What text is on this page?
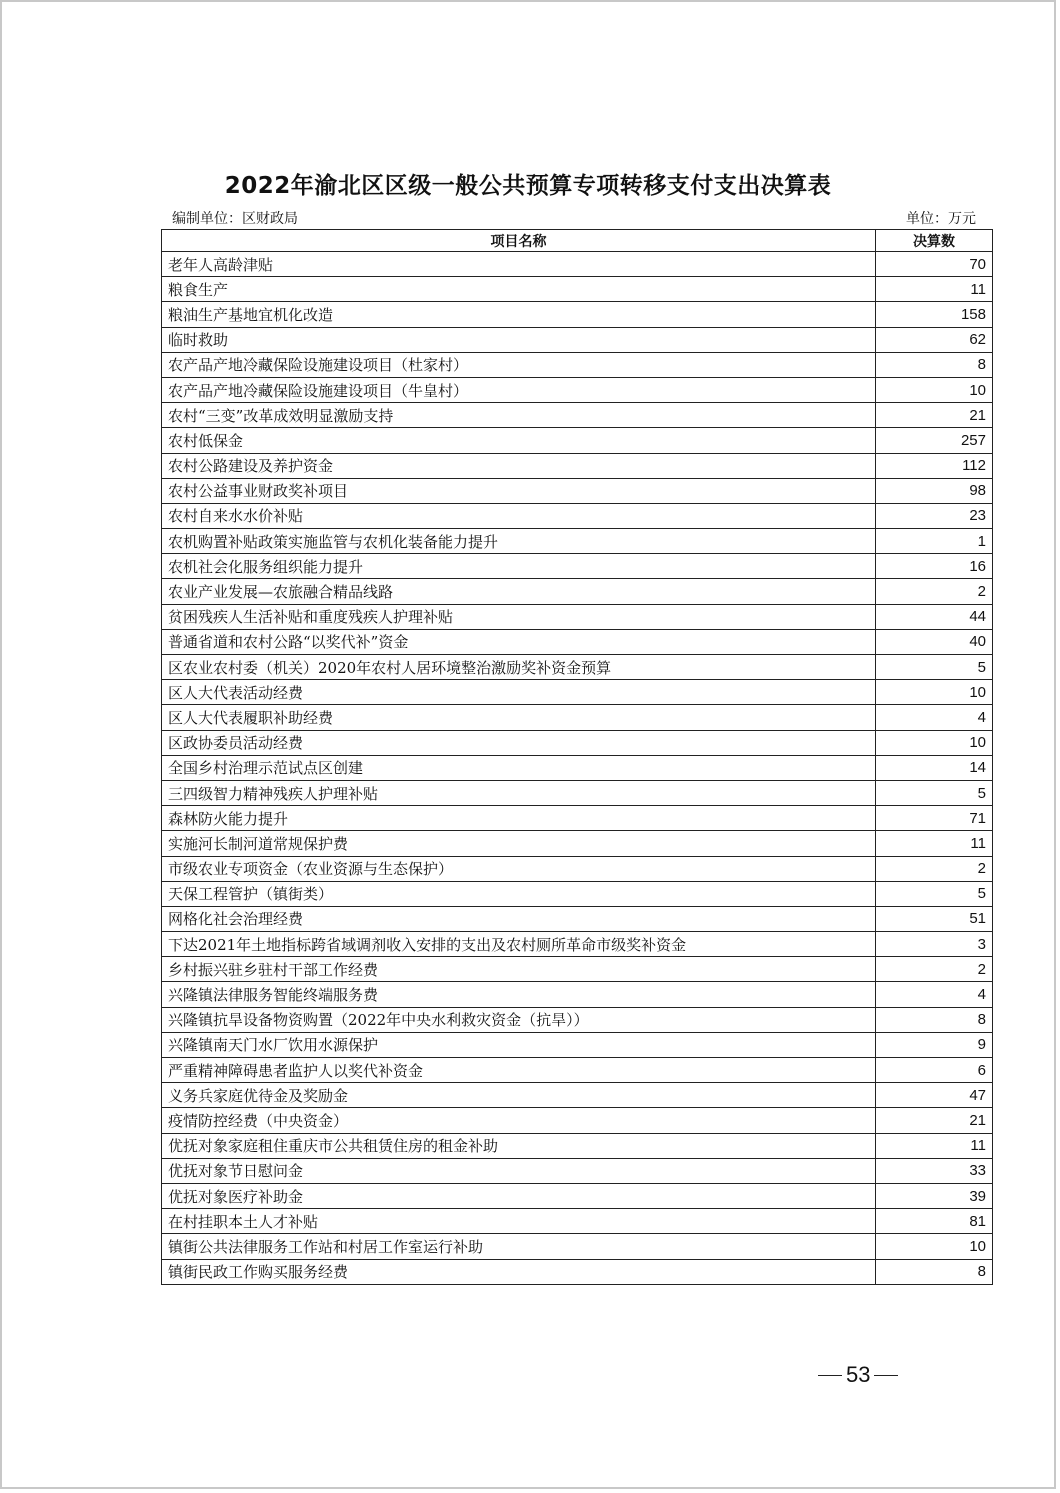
2022年渝北区区级一般公共预算专项转移支付支出决算表
编制单位：区财政局	单位：万元
项目名称	决算数
老年人高龄津贴	70
粮食生产	11
粮油生产基地宜机化改造	158
临时救助	62
农产品产地冷藏保险设施建设项目（杜家村）	8
农产品产地冷藏保险设施建设项目（牛皇村）	10
农村“三变”改革成效明显激励支持	21
农村低保金	257
农村公路建设及养护资金	112
农村公益事业财政奖补项目	98
农村自来水水价补贴	23
农机购置补贴政策实施监管与农机化装备能力提升	1
农机社会化服务组织能力提升	16
农业产业发展—农旅融合精品线路	2
贫困残疾人生活补贴和重度残疾人护理补贴	44
普通省道和农村公路“以奖代补”资金	40
区农业农村委（机关）2020年农村人居环境整治激励奖补资金预算	5
区人大代表活动经费	10
区人大代表履职补助经费	4
区政协委员活动经费	10
全国乡村治理示范试点区创建	14
三四级智力精神残疾人护理补贴	5
森林防火能力提升	71
实施河长制河道常规保护费	11
市级农业专项资金（农业资源与生态保护）	2
天保工程管护（镇街类）	5
网格化社会治理经费	51
下达2021年土地指标跨省域调剂收入安排的支出及农村厕所革命市级奖补资金	3
乡村振兴驻乡驻村干部工作经费	2
兴隆镇法律服务智能终端服务费	4
兴隆镇抗旱设备物资购置（2022年中央水利救灾资金（抗旱））	8
兴隆镇南天门水厂饮用水源保护	9
严重精神障碍患者监护人以奖代补资金	6
义务兵家庭优待金及奖励金	47
疫情防控经费（中央资金）	21
优抚对象家庭租住重庆市公共租赁住房的租金补助	11
优抚对象节日慰问金	33
优抚对象医疗补助金	39
在村挂职本土人才补贴	81
镇街公共法律服务工作站和村居工作室运行补助	10
镇街民政工作购买服务经费	8
53
